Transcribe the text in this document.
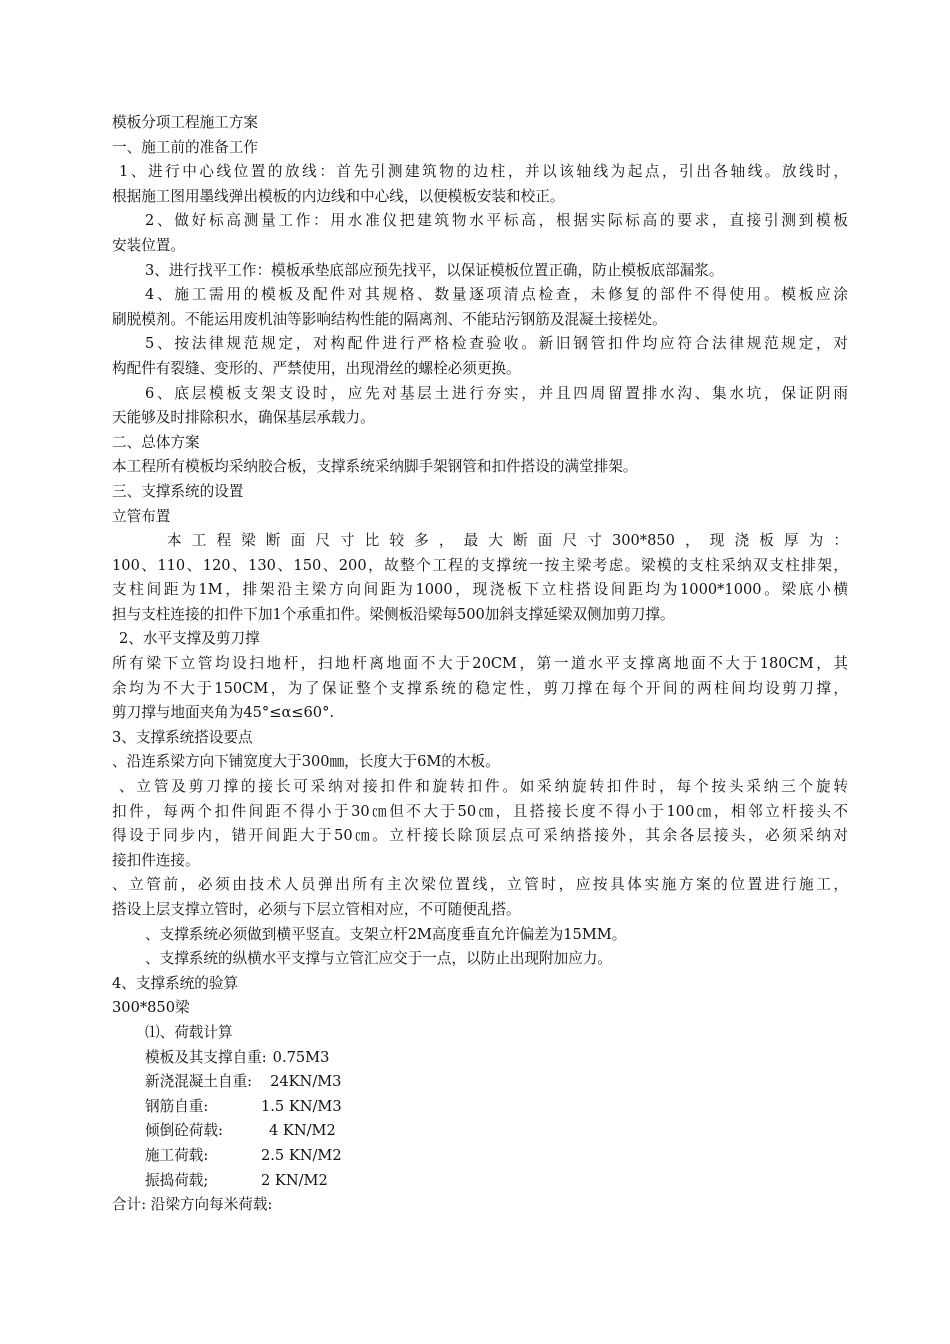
模板分项工程施工方案
一、施工前的准备工作
1、进行中心线位置的放线：首先引测建筑物的边柱，并以该轴线为起点，引出各轴线。放线时，
根据施工图用墨线弹出模板的内边线和中心线，以便模板安装和校正。
2、做好标高测量工作：用水准仪把建筑物水平标高，根据实际标高的要求，直接引测到模板
安装位置。
3、进行找平工作：模板承垫底部应预先找平，以保证模板位置正确，防止模板底部漏浆。
4、施工需用的模板及配件对其规格、数量逐项清点检查，未修复的部件不得使用。模板应涂
刷脱模剂。不能运用废机油等影响结构性能的隔离剂、不能玷污钢筋及混凝土接槎处。
5、按法律规范规定，对构配件进行严格检查验收。新旧钢管扣件均应符合法律规范规定，对
构配件有裂缝、变形的、严禁使用，出现滑丝的螺栓必须更换。
6、底层模板支架支设时，应先对基层土进行夯实，并且四周留置排水沟、集水坑，保证阴雨
天能够及时排除积水，确保基层承载力。
二、总体方案
本工程所有模板均采纳胶合板，支撑系统采纳脚手架钢管和扣件搭设的满堂排架。
三、支撑系统的设置
立管布置
本工程梁断面尺寸比较多，最大断面尺寸300*850，现浇板厚为：
100、110、120、130、150、200，故整个工程的支撑统一按主梁考虑。梁模的支柱采纳双支柱排架，
支柱间距为1M，排架沿主梁方向间距为1000，现浇板下立柱搭设间距均为1000*1000。梁底小横
担与支柱连接的扣件下加1个承重扣件。梁侧板沿梁每500加斜支撑延梁双侧加剪刀撑。
2、水平支撑及剪刀撑
所有梁下立管均设扫地杆，扫地杆离地面不大于20CM，第一道水平支撑离地面不大于180CM，其
余均为不大于150CM，为了保证整个支撑系统的稳定性，剪刀撑在每个开间的两柱间均设剪刀撑，
剪刀撑与地面夹角为45°≤α≤60°.
3、支撑系统搭设要点
、沿连系梁方向下铺宽度大于300㎜，长度大于6M的木板。
、立管及剪刀撑的接长可采纳对接扣件和旋转扣件。如采纳旋转扣件时，每个按头采纳三个旋转
扣件，每两个扣件间距不得小于30㎝但不大于50㎝，且搭接长度不得小于100㎝，相邻立杆接头不
得设于同步内，错开间距大于50㎝。立杆接长除顶层点可采纳搭接外，其余各层接头，必须采纳对
接扣件连接。
、立管前，必须由技术人员弹出所有主次梁位置线，立管时，应按具体实施方案的位置进行施工，
搭设上层支撑立管时，必须与下层立管相对应，不可随便乱搭。
、支撑系统必须做到横平竖直。支架立杆2M高度垂直允许偏差为15MM。
、支撑系统的纵横水平支撑与立管汇应交于一点，以防止出现附加应力。
4、支撑系统的验算
300*850梁
⑴、荷载计算
模板及其支撑自重: 0.75M3
新浇混凝土自重:	24KN/M3
钢筋自重:	1.5 KN/M3
倾倒砼荷载:	4 KN/M2
施工荷载:	2.5 KN/M2
振捣荷载;	2 KN/M2
合计: 沿梁方向每米荷载:
